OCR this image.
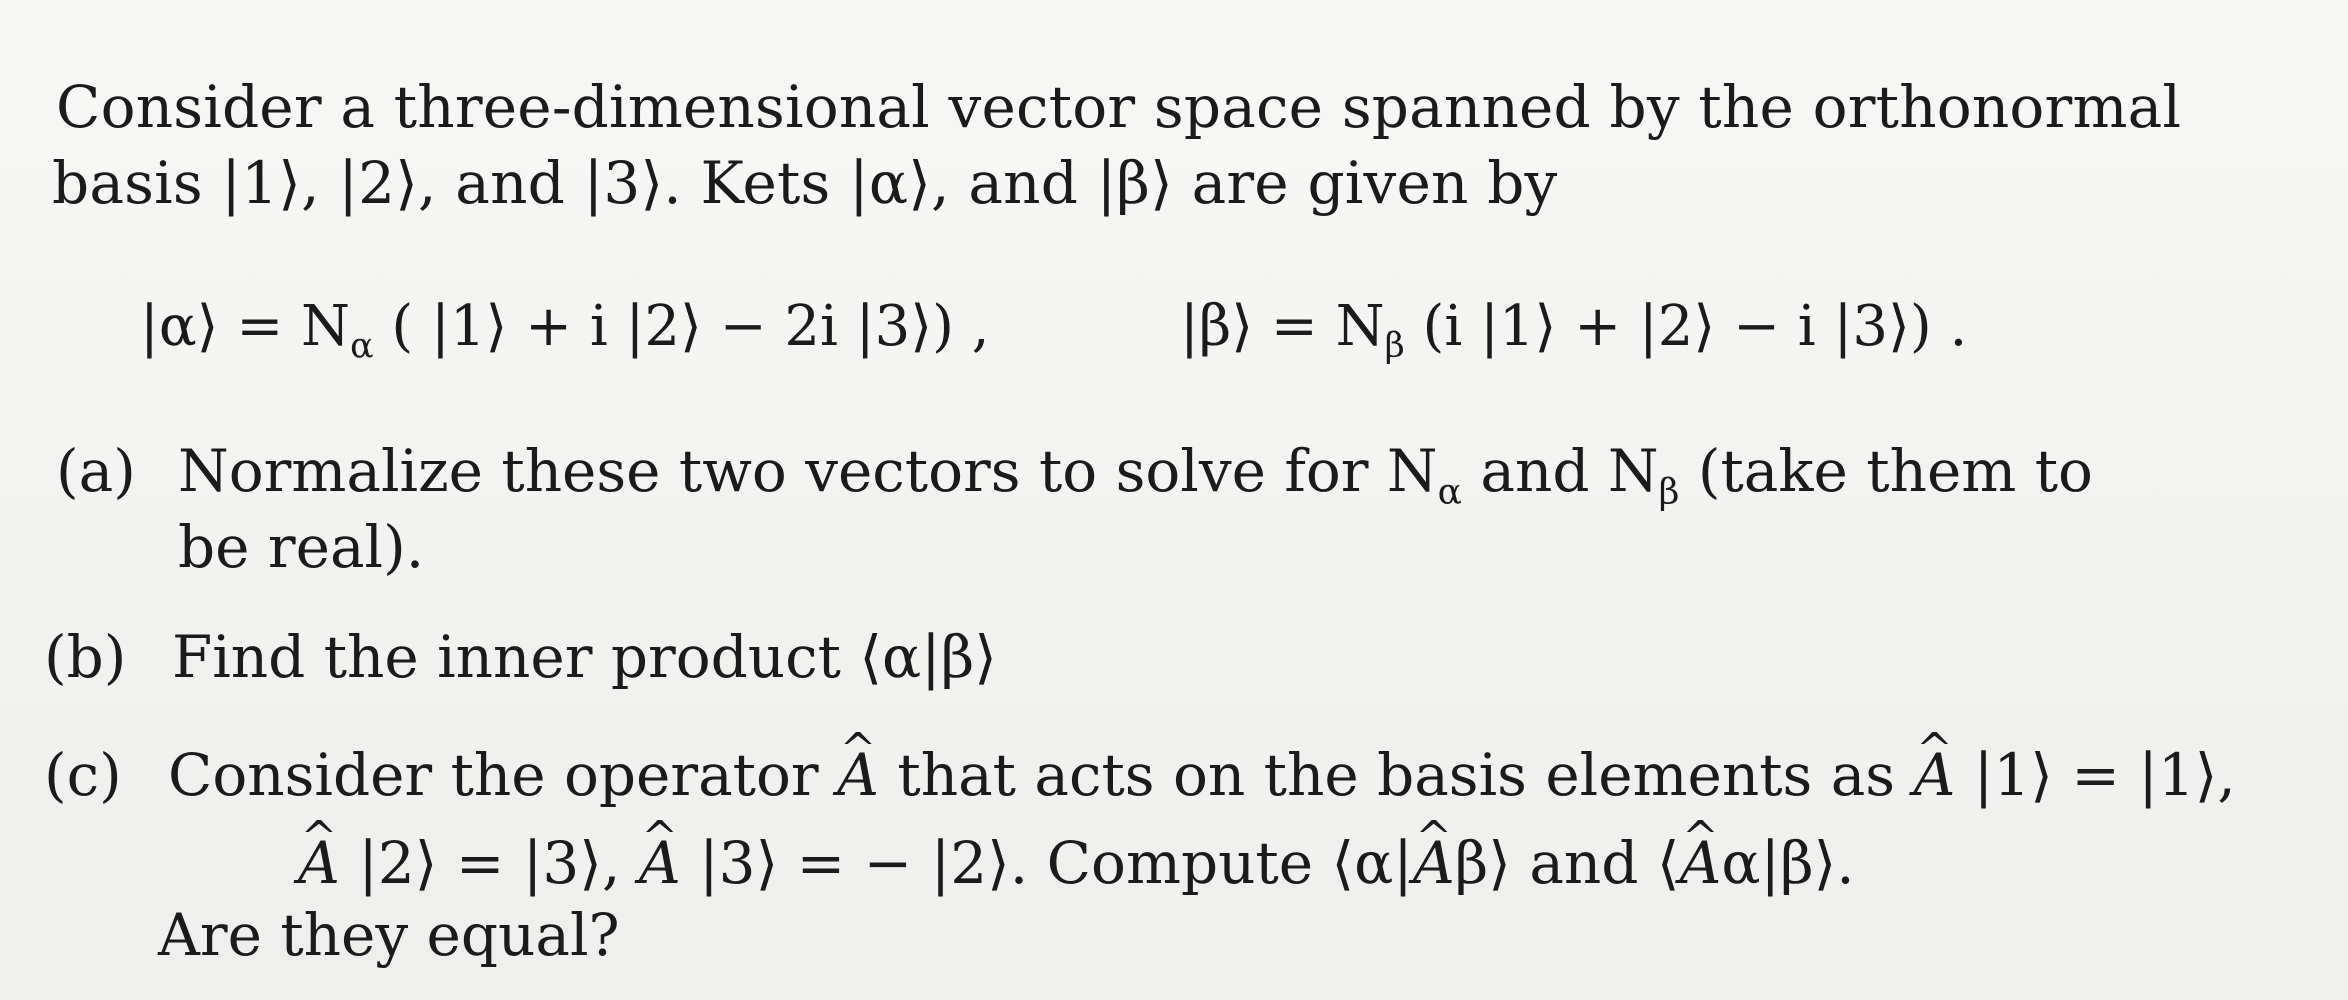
Consider a three-dimensional vector space spanned by the orthonormal
basis |1⟩, |2⟩, and |3⟩. Kets |α⟩, and |β⟩ are given by
|α⟩ = $N_\alpha$ ( |1⟩ + i |2⟩ − 2i |3⟩) ,	|β⟩ = $N_\beta$ (i |1⟩ + |2⟩ − i |3⟩) .
(a) Normalize these two vectors to solve for $N_\alpha$ and $N_\beta$ (take them to
be real).
(b) Find the inner product ⟨α|β⟩
(c) Consider the operator ^ A that acts on the basis elements as ^ A |1⟩ = |1⟩,
^ A |2⟩ = |3⟩, ^ A |3⟩ = − |2⟩. Compute ⟨α|^ Aβ⟩ and ⟨^ Aα|β⟩.
Are they equal?
